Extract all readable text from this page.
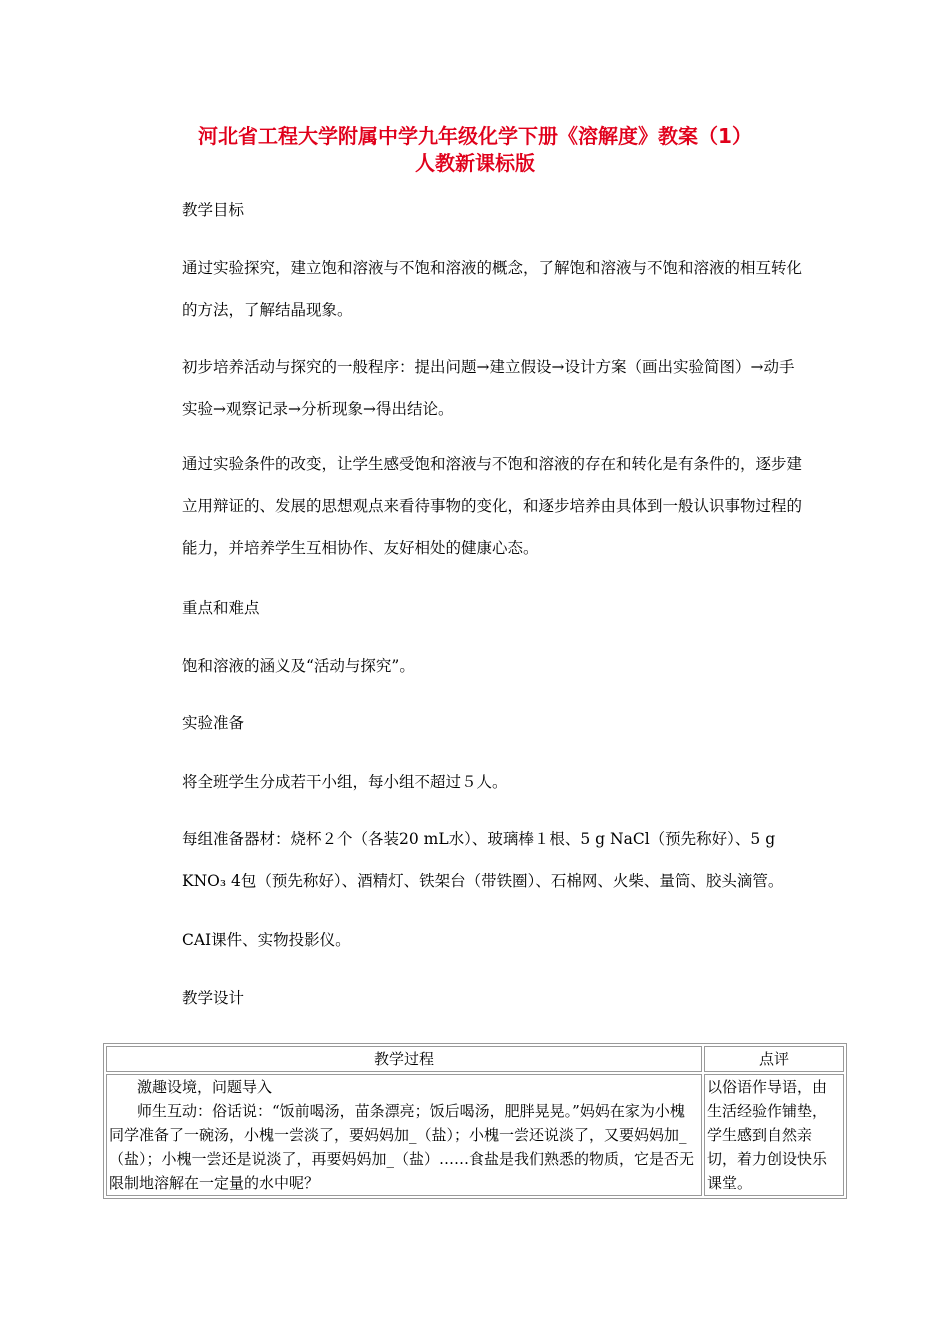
河北省工程大学附属中学九年级化学下册《溶解度》教案（1）
人教新课标版
教学目标
通过实验探究，建立饱和溶液与不饱和溶液的概念，了解饱和溶液与不饱和溶液的相互转化的方法，了解结晶现象。
初步培养活动与探究的一般程序：提出问题→建立假设→设计方案（画出实验简图）→动手实验→观察记录→分析现象→得出结论。
通过实验条件的改变，让学生感受饱和溶液与不饱和溶液的存在和转化是有条件的，逐步建立用辩证的、发展的思想观点来看待事物的变化，和逐步培养由具体到一般认识事物过程的能力，并培养学生互相协作、友好相处的健康心态。
重点和难点
饱和溶液的涵义及“活动与探究”。
实验准备
将全班学生分成若干小组，每小组不超过５人。
每组准备器材：烧杯２个（各装20 mL水）、玻璃棒１根、5 g NaCl（预先称好）、5 g KNO₃ 4包（预先称好）、酒精灯、铁架台（带铁圈）、石棉网、火柴、量筒、胶头滴管。
CAI课件、实物投影仪。
教学设计
教学过程	点评

激趣设境，问题导入
师生互动：俗话说：“饭前喝汤，苗条漂亮；饭后喝汤，肥胖晃晃。”妈妈在家为小槐同学准备了一碗汤，小槐一尝淡了，要妈妈加_（盐）；小槐一尝还说淡了，又要妈妈加_（盐）；小槐一尝还是说淡了，再要妈妈加_（盐）……食盐是我们熟悉的物质，它是否无限制地溶解在一定量的水中呢？	以俗语作导语，由生活经验作铺垫，学生感到自然亲切，着力创设快乐课堂。
